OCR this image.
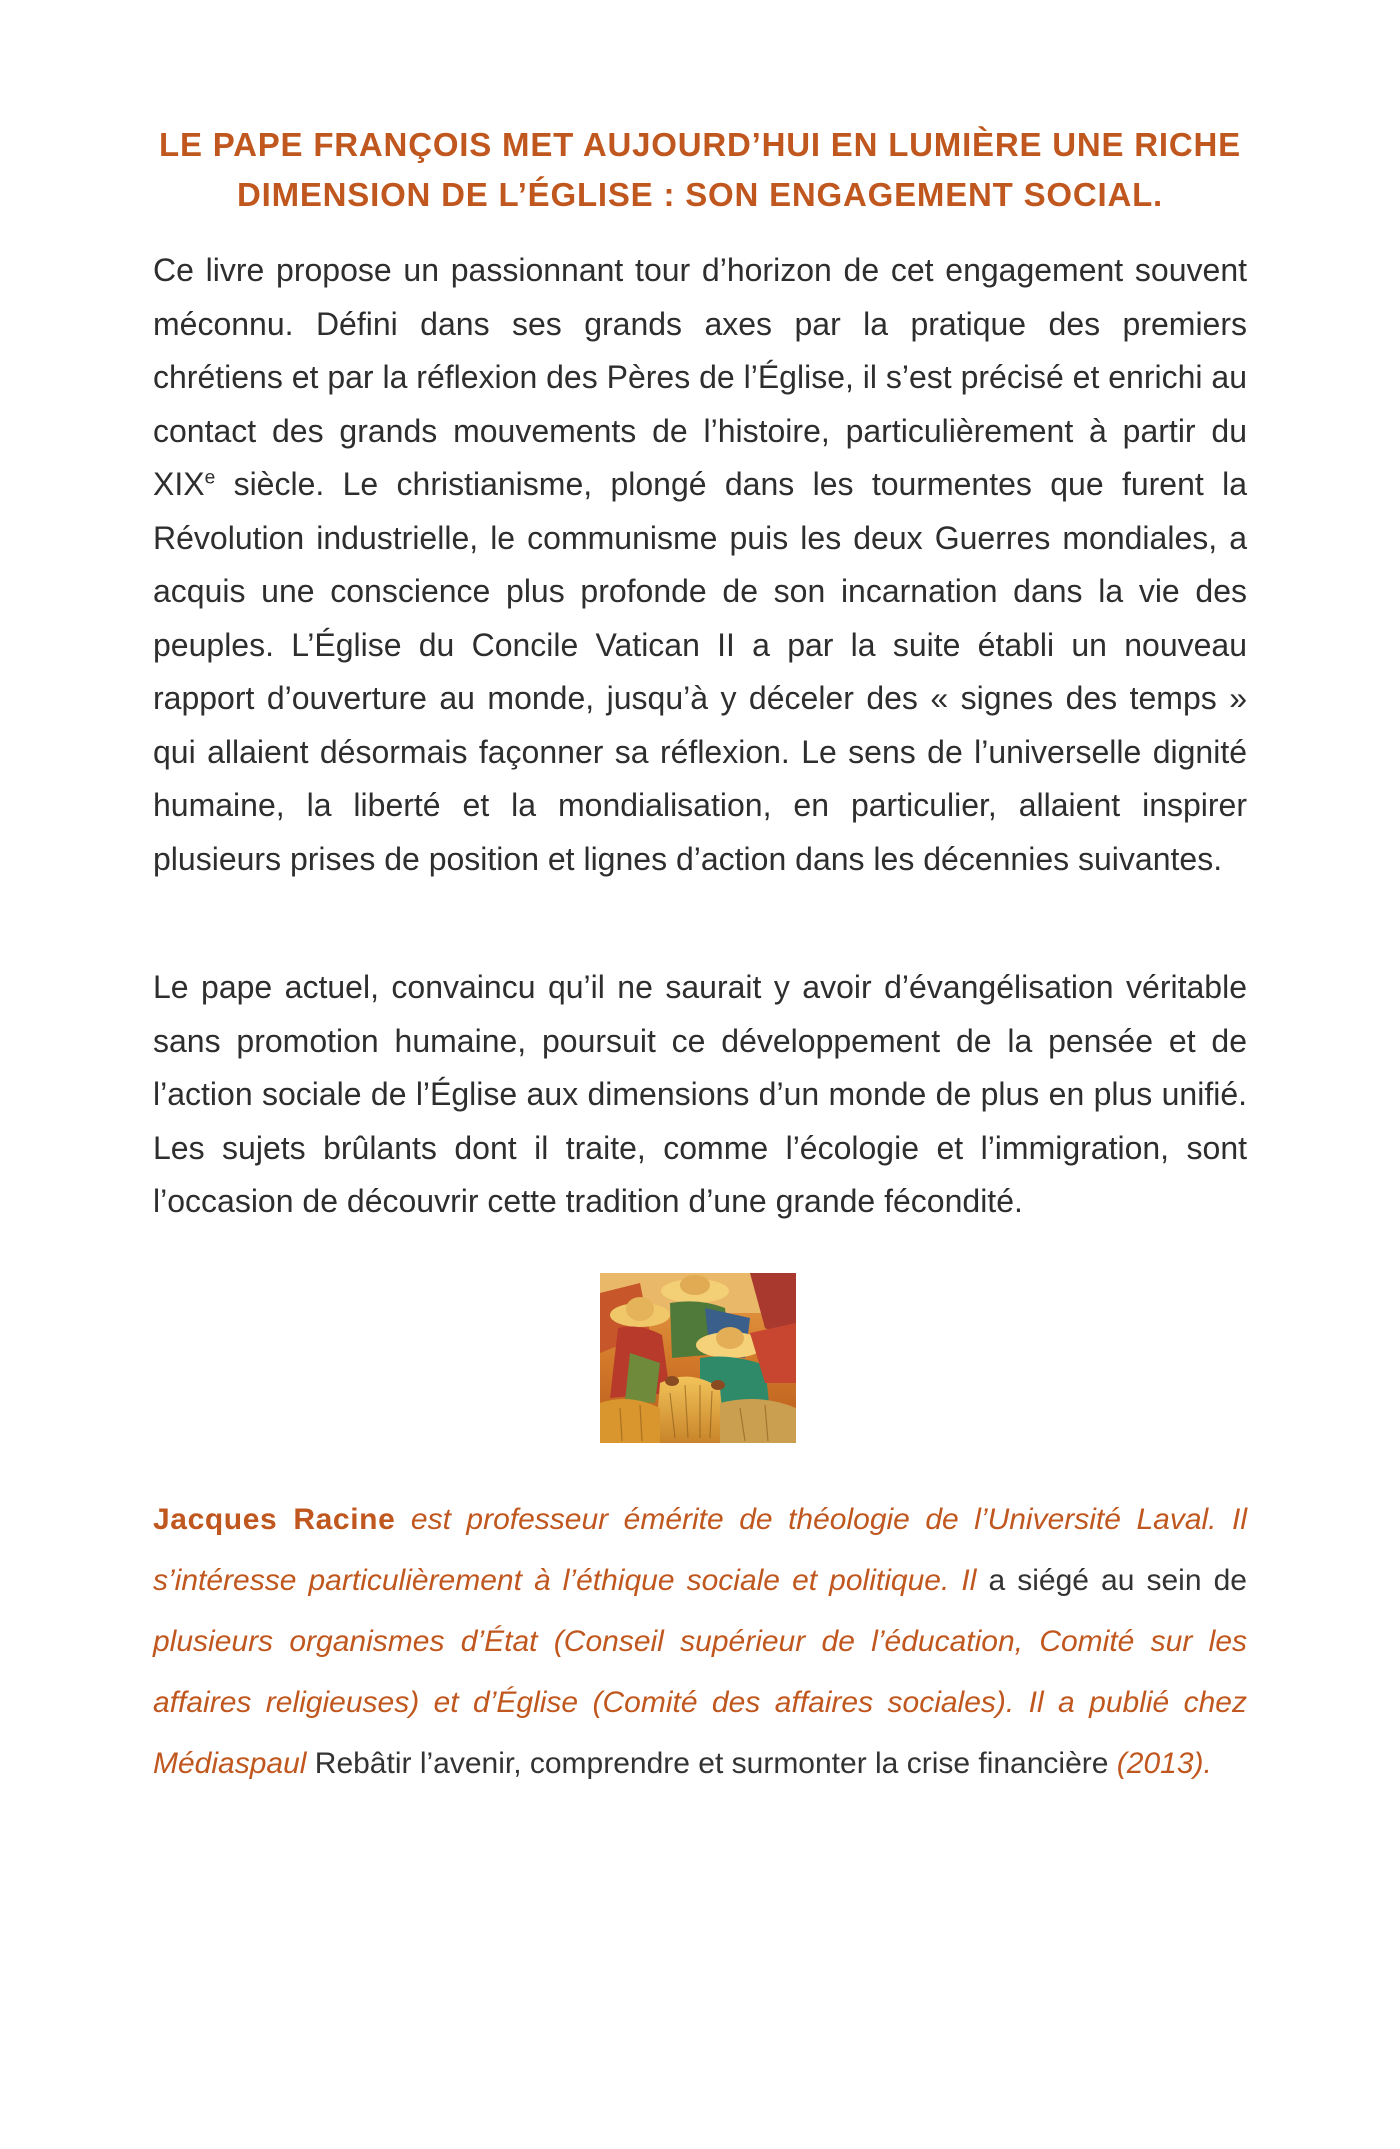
LE PAPE FRANÇOIS MET AUJOURD’HUI EN LUMIÈRE UNE RICHE
DIMENSION DE L’ÉGLISE : SON ENGAGEMENT SOCIAL.

Ce livre propose un passionnant tour d’horizon de cet engagement souvent méconnu. Défini dans ses grands axes par la pratique des premiers chrétiens et par la réflexion des Pères de l’Église, il s’est précisé et enrichi au contact des grands mouvements de l’histoire, particulièrement à partir du XIXe siècle. Le christianisme, plongé dans les tourmentes que furent la Révolution industrielle, le communisme puis les deux Guerres mondiales, a acquis une conscience plus profonde de son incarnation dans la vie des peuples. L’Église du Concile Vatican II a par la suite établi un nouveau rapport d’ouverture au monde, jusqu’à y déceler des « signes des temps » qui allaient désormais façonner sa réflexion. Le sens de l’universelle dignité humaine, la liberté et la mondialisation, en particulier, allaient inspirer plusieurs prises de position et lignes d’action dans les décennies suivantes.

Le pape actuel, convaincu qu’il ne saurait y avoir d’évangélisation véritable sans promotion humaine, poursuit ce développement de la pensée et de l’action sociale de l’Église aux dimensions d’un monde de plus en plus unifié. Les sujets brûlants dont il traite, comme l’écologie et l’immigration, sont l’occasion de découvrir cette tradition d’une grande fécondité.

Jacques Racine est professeur émérite de théologie de l’Université Laval. Il s’intéresse particulièrement à l’éthique sociale et politique. Il a siégé au sein de plusieurs organismes d’État (Conseil supérieur de l’éducation, Comité sur les affaires religieuses) et d’Église (Comité des affaires sociales). Il a publié chez Médiaspaul Rebâtir l’avenir, comprendre et surmonter la crise financière (2013).
